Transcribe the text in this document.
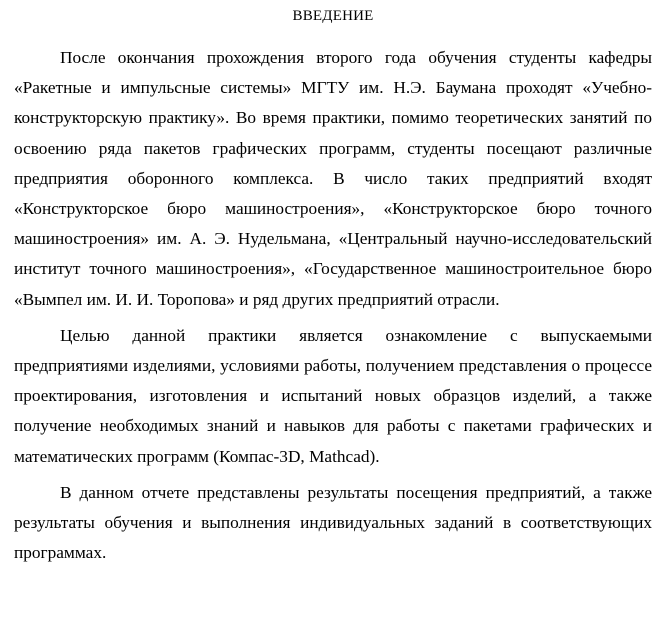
ВВЕДЕНИЕ

После окончания прохождения второго года обучения студенты кафедры «Ракетные и импульсные системы» МГТУ им. Н.Э. Баумана проходят «Учебно-конструкторскую практику». Во время практики, помимо теоретических занятий по освоению ряда пакетов графических программ, студенты посещают различные предприятия оборонного комплекса. В число таких предприятий входят «Конструкторское бюро машиностроения», «Конструкторское бюро точного машиностроения» им. А. Э. Нудельмана, «Центральный научно-исследовательский институт точного машиностроения», «Государственное машиностроительное бюро «Вымпел им. И. И. Торопова» и ряд других предприятий отрасли.

Целью данной практики является ознакомление с выпускаемыми предприятиями изделиями, условиями работы, получением представления о процессе проектирования, изготовления и испытаний новых образцов изделий, а также получение необходимых знаний и навыков для работы с пакетами графических и математических программ (Компас-3D, Mathcad).

В данном отчете представлены результаты посещения предприятий, а также результаты обучения и выполнения индивидуальных заданий в соответствующих программах.
